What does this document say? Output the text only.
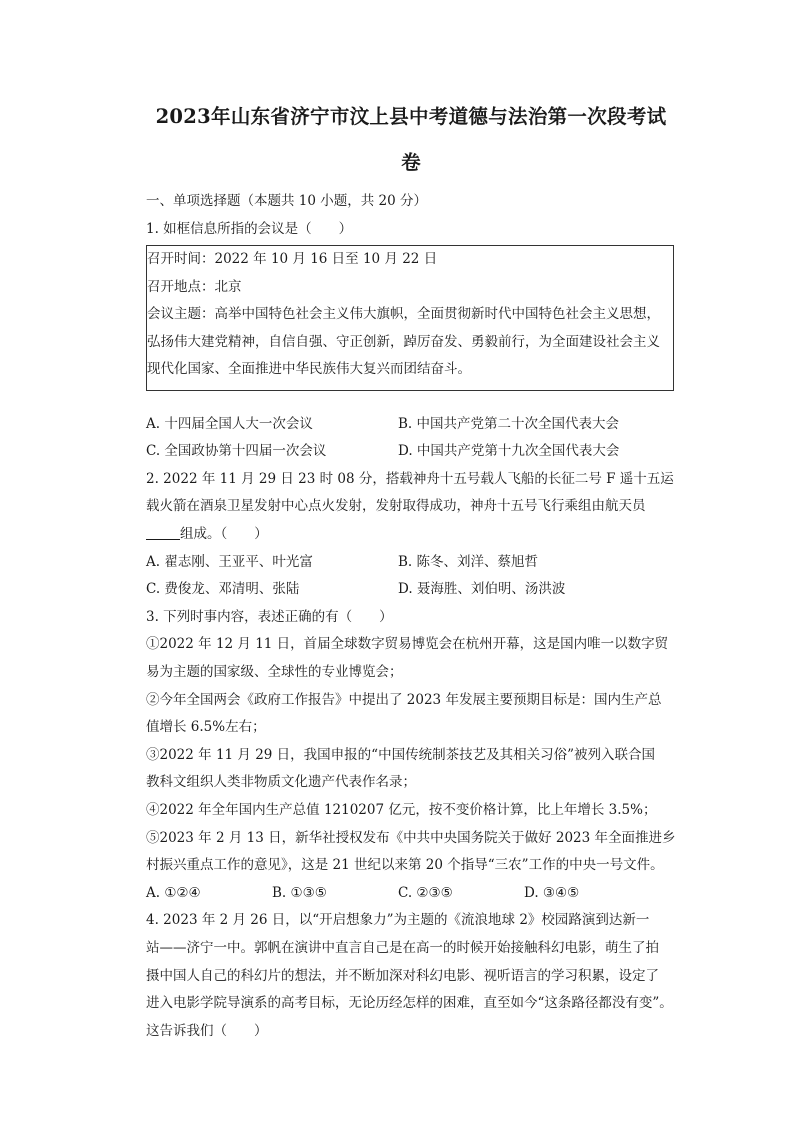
2023年山东省济宁市汶上县中考道德与法治第一次段考试
卷
一、单项选择题（本题共 10 小题，共 20 分）
1. 如框信息所指的会议是（　　）
召开时间：2022 年 10 月 16 日至 10 月 22 日
召开地点：北京
会议主题：高举中国特色社会主义伟大旗帜，全面贯彻新时代中国特色社会主义思想，弘扬伟大建党精神，自信自强、守正创新，踔厉奋发、勇毅前行，为全面建设社会主义现代化国家、全面推进中华民族伟大复兴而团结奋斗。
A. 十四届全国人大一次会议	B. 中国共产党第二十次全国代表大会
C. 全国政协第十四届一次会议	D. 中国共产党第十九次全国代表大会
2. 2022 年 11 月 29 日 23 时 08 分，搭载神舟十五号载人飞船的长征二号 F 遥十五运
载火箭在酒泉卫星发射中心点火发射，发射取得成功，神舟十五号飞行乘组由航天员
组成。（　　）
A. 翟志刚、王亚平、叶光富	B. 陈冬、刘洋、蔡旭哲
C. 费俊龙、邓清明、张陆	D. 聂海胜、刘伯明、汤洪波
3. 下列时事内容，表述正确的有（　　）
①2022 年 12 月 11 日，首届全球数字贸易博览会在杭州开幕，这是国内唯一以数字贸
易为主题的国家级、全球性的专业博览会；
②今年全国两会《政府工作报告》中提出了 2023 年发展主要预期目标是：国内生产总
值增长 6.5%左右；
③2022 年 11 月 29 日，我国申报的“中国传统制茶技艺及其相关习俗”被列入联合国
教科文组织人类非物质文化遗产代表作名录；
④2022 年全年国内生产总值 1210207 亿元，按不变价格计算，比上年增长 3.5%；
⑤2023 年 2 月 13 日，新华社授权发布《中共中央国务院关于做好 2023 年全面推进乡
村振兴重点工作的意见》，这是 21 世纪以来第 20 个指导“三农”工作的中央一号文件。
A. ①②④	B. ①③⑤	C. ②③⑤	D. ③④⑤
4. 2023 年 2 月 26 日，以“开启想象力”为主题的《流浪地球 2》校园路演到达新一
站——济宁一中。郭帆在演讲中直言自己是在高一的时候开始接触科幻电影，萌生了拍
摄中国人自己的科幻片的想法，并不断加深对科幻电影、视听语言的学习积累，设定了
进入电影学院导演系的高考目标，无论历经怎样的困难，直至如今“这条路径都没有变”。
这告诉我们（　　）
